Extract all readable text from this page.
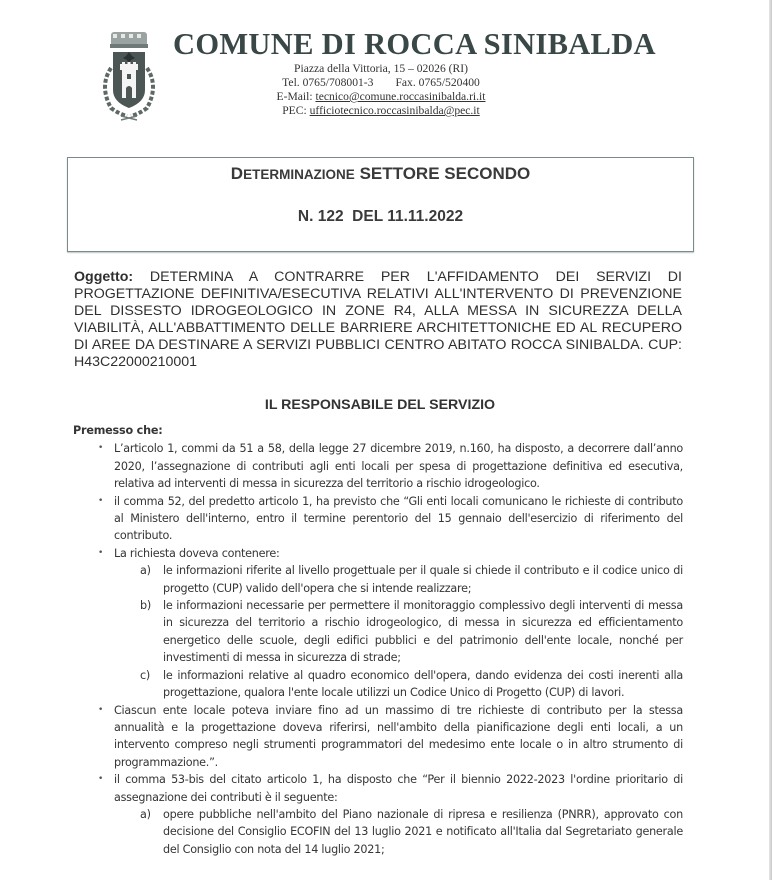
COMUNE DI ROCCA SINIBALDA
Piazza della Vittoria, 15 – 02026 (RI)
Tel. 0765/708001-3 Fax. 0765/520400
E-Mail: tecnico@comune.roccasinibalda.ri.it
PEC: ufficiotecnico.roccasinibalda@pec.it
DETERMINAZIONE SETTORE SECONDO
N. 122  DEL 11.11.2022
Oggetto: DETERMINA A CONTRARRE PER L'AFFIDAMENTO DEI SERVIZI DI PROGETTAZIONE DEFINITIVA/ESECUTIVA RELATIVI ALL'INTERVENTO DI PREVENZIONE DEL DISSESTO IDROGEOLOGICO IN ZONE R4, ALLA MESSA IN SICUREZZA DELLA VIABILITÀ, ALL'ABBATTIMENTO DELLE BARRIERE ARCHITETTONICHE ED AL RECUPERO DI AREE DA DESTINARE A SERVIZI PUBBLICI CENTRO ABITATO ROCCA SINIBALDA. CUP: H43C22000210001
IL RESPONSABILE DEL SERVIZIO
Premesso che:
• L’articolo 1, commi da 51 a 58, della legge 27 dicembre 2019, n.160, ha disposto, a decorrere dall’anno 2020, l’assegnazione di contributi agli enti locali per spesa di progettazione definitiva ed esecutiva, relativa ad interventi di messa in sicurezza del territorio a rischio idrogeologico.
• il comma 52, del predetto articolo 1, ha previsto che “Gli enti locali comunicano le richieste di contributo al Ministero dell'interno, entro il termine perentorio del 15 gennaio dell'esercizio di riferimento del contributo.
• La richiesta doveva contenere:
a) le informazioni riferite al livello progettuale per il quale si chiede il contributo e il codice unico di progetto (CUP) valido dell'opera che si intende realizzare;
b) le informazioni necessarie per permettere il monitoraggio complessivo degli interventi di messa in sicurezza del territorio a rischio idrogeologico, di messa in sicurezza ed efficientamento energetico delle scuole, degli edifici pubblici e del patrimonio dell'ente locale, nonché per investimenti di messa in sicurezza di strade;
c) le informazioni relative al quadro economico dell'opera, dando evidenza dei costi inerenti alla progettazione, qualora l'ente locale utilizzi un Codice Unico di Progetto (CUP) di lavori.
• Ciascun ente locale poteva inviare fino ad un massimo di tre richieste di contributo per la stessa annualità e la progettazione doveva riferirsi, nell'ambito della pianificazione degli enti locali, a un intervento compreso negli strumenti programmatori del medesimo ente locale o in altro strumento di programmazione.”.
• il comma 53-bis del citato articolo 1, ha disposto che “Per il biennio 2022-2023 l'ordine prioritario di assegnazione dei contributi è il seguente:
a) opere pubbliche nell'ambito del Piano nazionale di ripresa e resilienza (PNRR), approvato con decisione del Consiglio ECOFIN del 13 luglio 2021 e notificato all'Italia dal Segretariato generale del Consiglio con nota del 14 luglio 2021;
